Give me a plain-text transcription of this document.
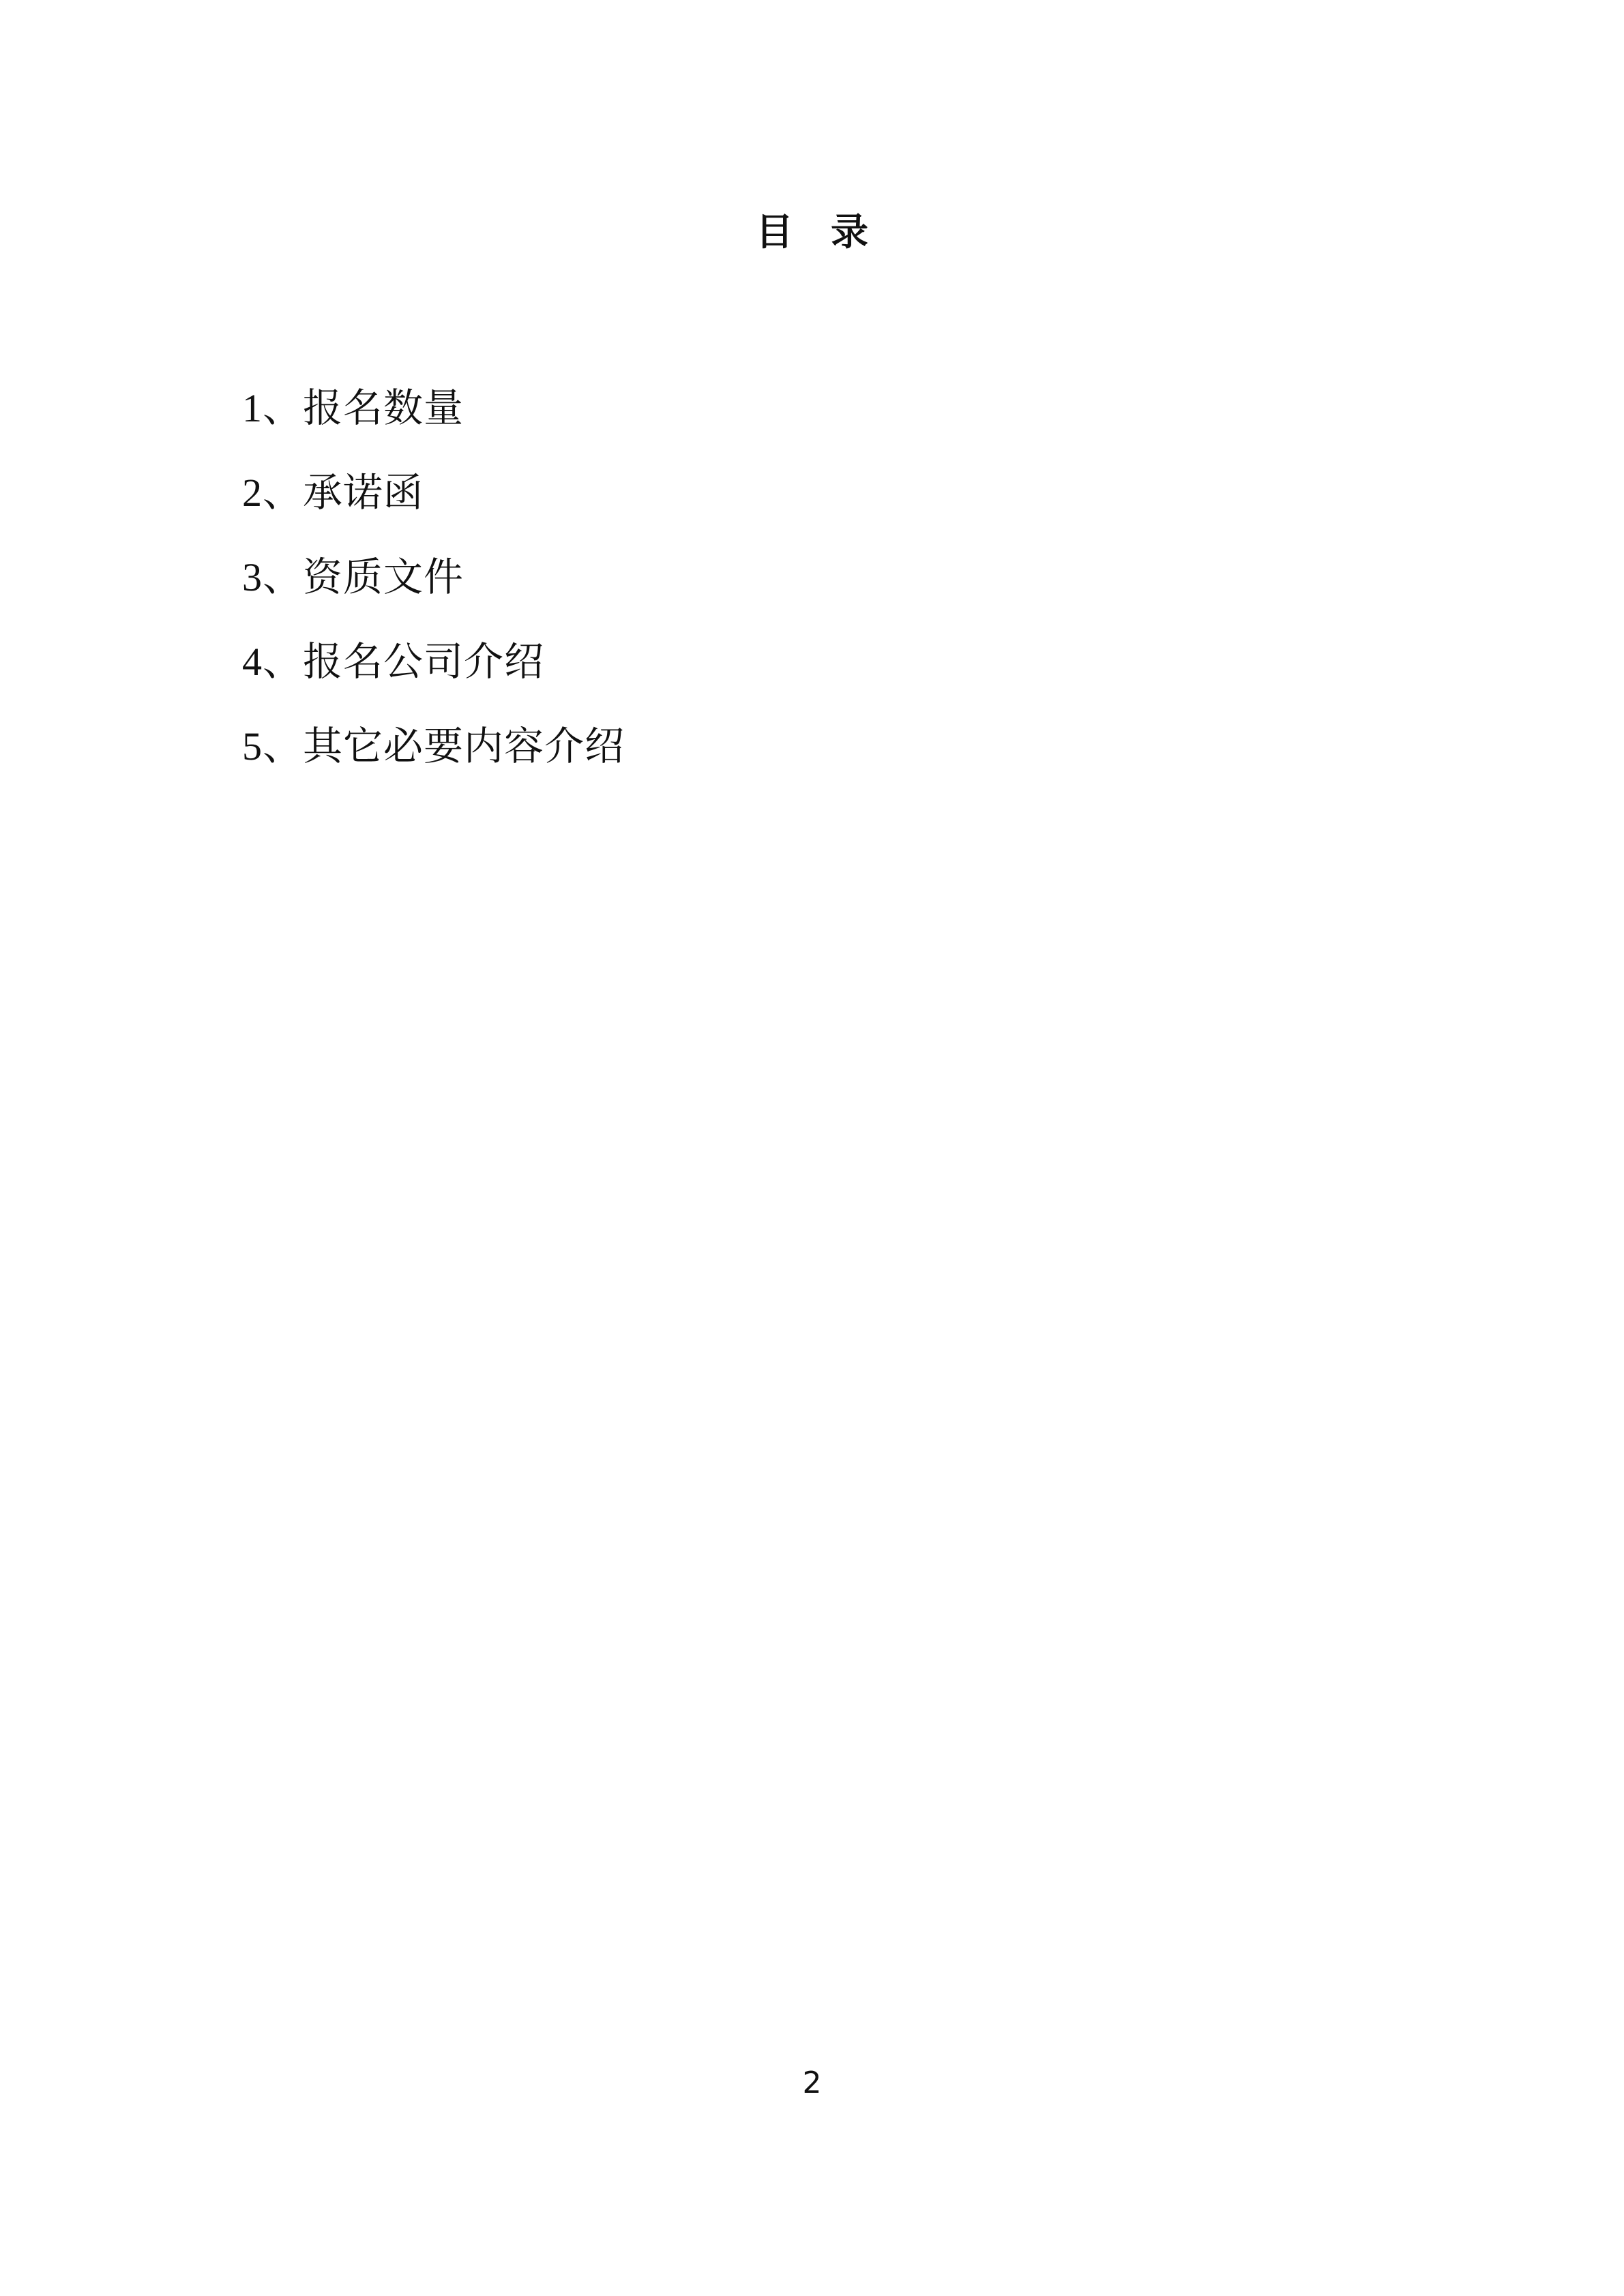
目　录
1、报名数量
2、承诺函
3、资质文件
4、报名公司介绍
5、其它必要内容介绍
2
